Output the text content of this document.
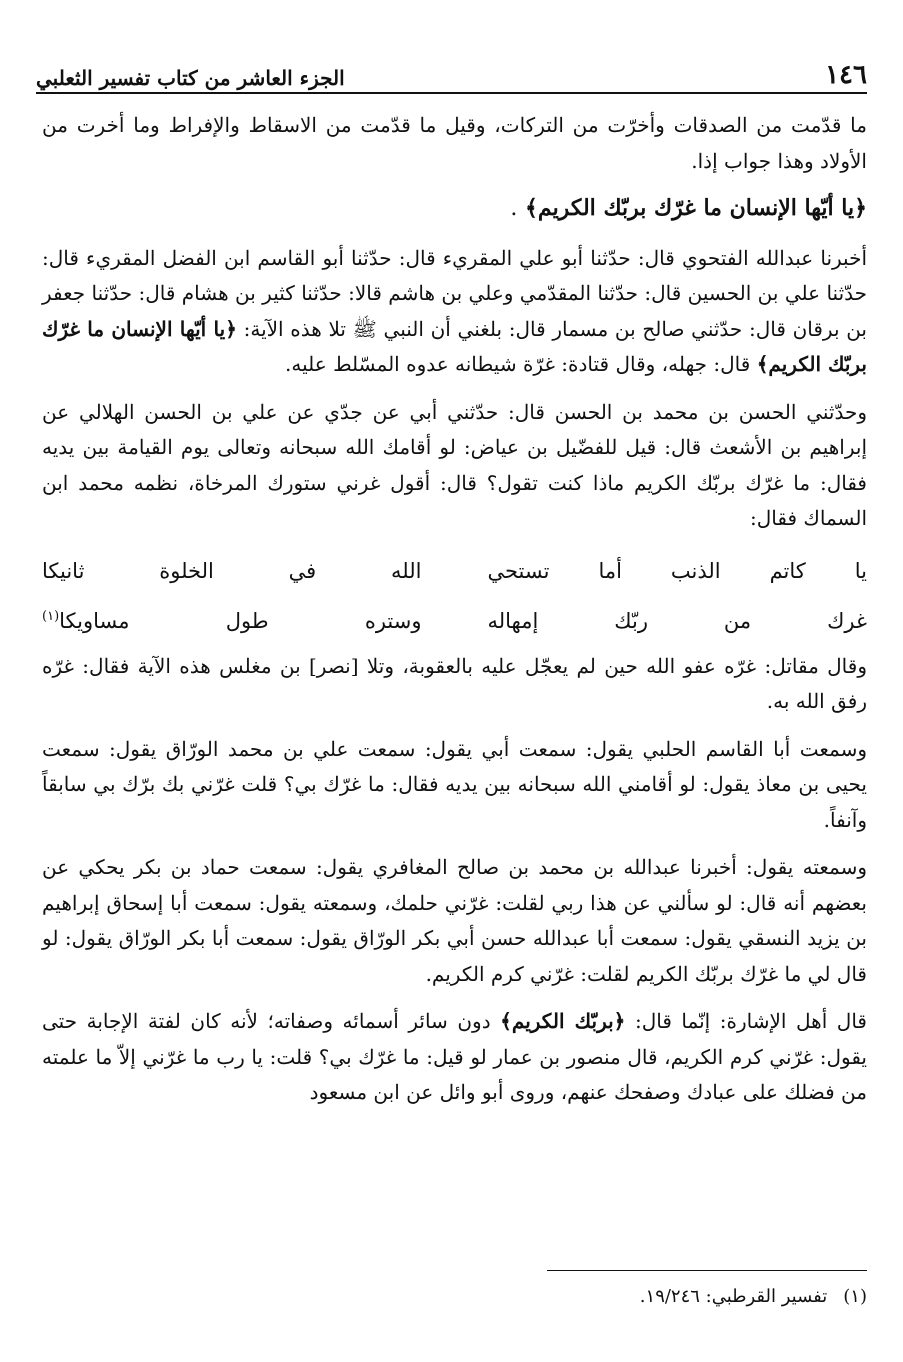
١٤٦
الجزء العاشر من كتاب تفسير الثعلبي

ما قدّمت من الصدقات وأخرّت من التركات، وقيل ما قدّمت من الاسقاط والإفراط وما أخرت من الأولاد وهذا جواب إذا.

﴿يا أيّها الإنسان ما غرّك بربّك الكريم﴾ .

أخبرنا عبدالله الفتحوي قال: حدّثنا أبو علي المقريء قال: حدّثنا أبو القاسم ابن الفضل المقريء قال: حدّثنا علي بن الحسين قال: حدّثنا المقدّمي وعلي بن هاشم قالا: حدّثنا كثير بن هشام قال: حدّثنا جعفر بن برقان قال: حدّثني صالح بن مسمار قال: بلغني أن النبي ﷺ تلا هذه الآية: ﴿يا أيّها الإنسان ما غرّك بربّك الكريم﴾ قال: جهله، وقال قتادة: غرّة شيطانه عدوه المسّلط عليه.

وحدّثني الحسن بن محمد بن الحسن قال: حدّثني أبي عن جدّي عن علي بن الحسن الهلالي عن إبراهيم بن الأشعث قال: قيل للفضّيل بن عياض: لو أقامك الله سبحانه وتعالى يوم القيامة بين يديه فقال: ما غرّك بربّك الكريم ماذا كنت تقول؟ قال: أقول غرني ستورك المرخاة، نظمه محمد ابن السماك فقال:

يا كاتم الذنب أما تستحي
الله في الخلوة ثانيكا
غرك من ربّك إمهاله
وستره طول مساويكا$^{(١)}$

وقال مقاتل: غرّه عفو الله حين لم يعجّل عليه بالعقوبة، وتلا [نصر] بن مغلس هذه الآية فقال: غرّه رفق الله به.

وسمعت أبا القاسم الحلبي يقول: سمعت أبي يقول: سمعت علي بن محمد الورّاق يقول: سمعت يحيى بن معاذ يقول: لو أقامني الله سبحانه بين يديه فقال: ما غرّك بي؟ قلت غرّني بك برّك بي سابقاً وآنفاً.

وسمعته يقول: أخبرنا عبدالله بن محمد بن صالح المغافري يقول: سمعت حماد بن بكر يحكي عن بعضهم أنه قال: لو سألني عن هذا ربي لقلت: غرّني حلمك، وسمعته يقول: سمعت أبا إسحاق إبراهيم بن يزيد النسقي يقول: سمعت أبا عبدالله حسن أبي بكر الورّاق يقول: سمعت أبا بكر الورّاق يقول: لو قال لي ما غرّك بربّك الكريم لقلت: غرّني كرم الكريم.

قال أهل الإشارة: إنّما قال: ﴿بربّك الكريم﴾ دون سائر أسمائه وصفاته؛ لأنه كان لفتة الإجابة حتى يقول: غرّني كرم الكريم، قال منصور بن عمار لو قيل: ما غرّك بي؟ قلت: يا رب ما غرّني إلاّ ما علمته من فضلك على عبادك وصفحك عنهم، وروى أبو وائل عن ابن مسعود

(١)تفسير القرطبي: ١٩/٢٤٦.
